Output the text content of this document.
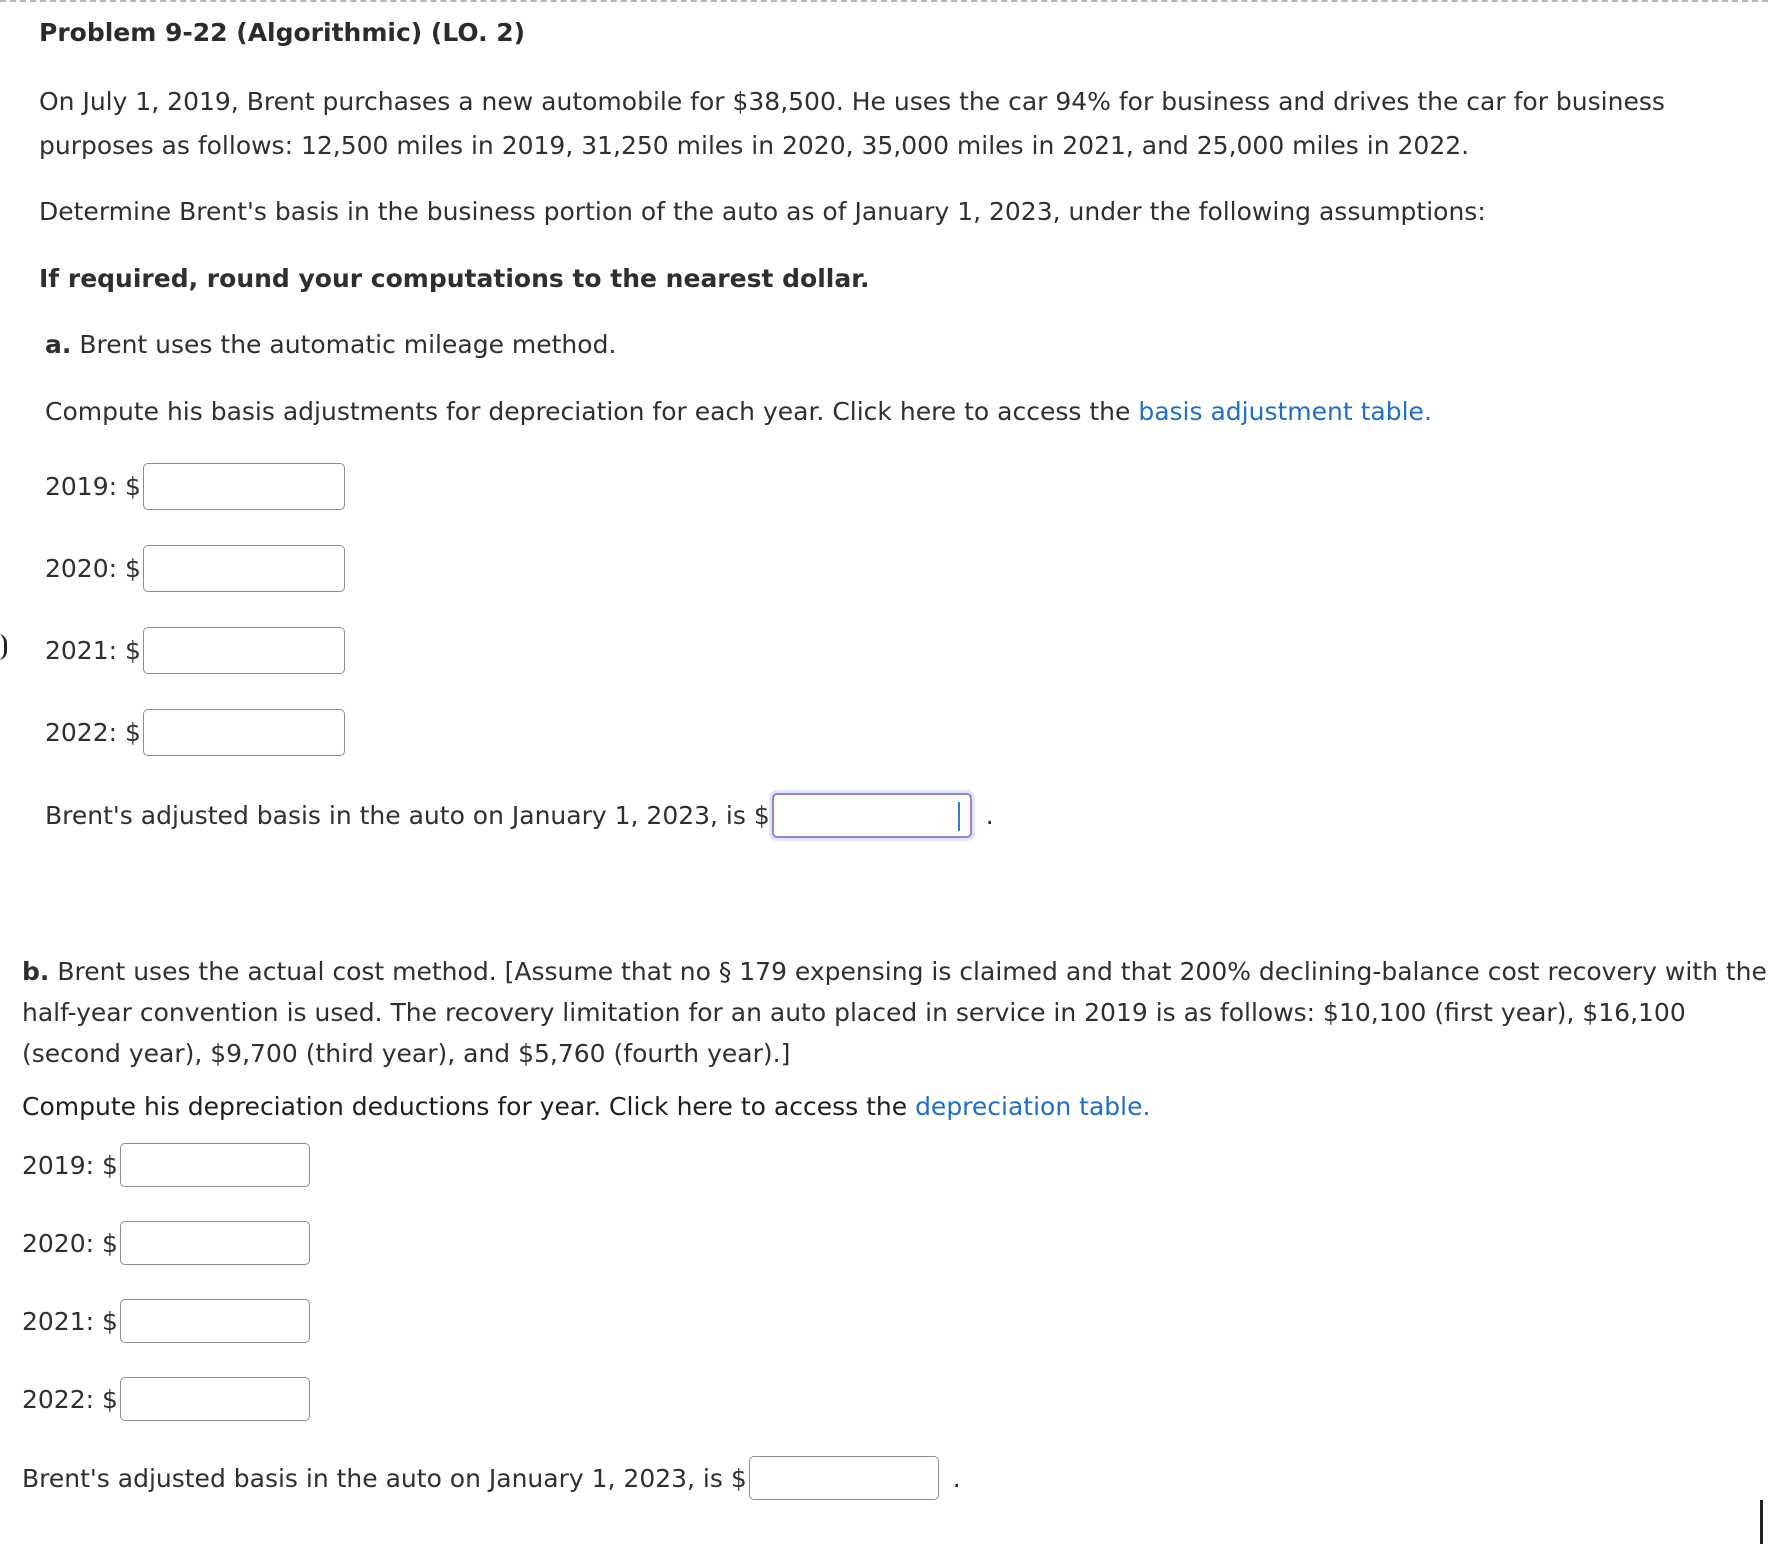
Problem 9-22 (Algorithmic) (LO. 2)
On July 1, 2019, Brent purchases a new automobile for $38,500. He uses the car 94% for business and drives the car for business
purposes as follows: 12,500 miles in 2019, 31,250 miles in 2020, 35,000 miles in 2021, and 25,000 miles in 2022.
Determine Brent's basis in the business portion of the auto as of January 1, 2023, under the following assumptions:
If required, round your computations to the nearest dollar.
a. Brent uses the automatic mileage method.
Compute his basis adjustments for depreciation for each year. Click here to access the basis adjustment table.
2019: $
2020: $
2021: $
2022: $
Brent's adjusted basis in the auto on January 1, 2023, is $	.
b. Brent uses the actual cost method. [Assume that no § 179 expensing is claimed and that 200% declining-balance cost recovery with the
half-year convention is used. The recovery limitation for an auto placed in service in 2019 is as follows: $10,100 (first year), $16,100
(second year), $9,700 (third year), and $5,760 (fourth year).]
Compute his depreciation deductions for year. Click here to access the depreciation table.
2019: $
2020: $
2021: $
2022: $
Brent's adjusted basis in the auto on January 1, 2023, is $	.
